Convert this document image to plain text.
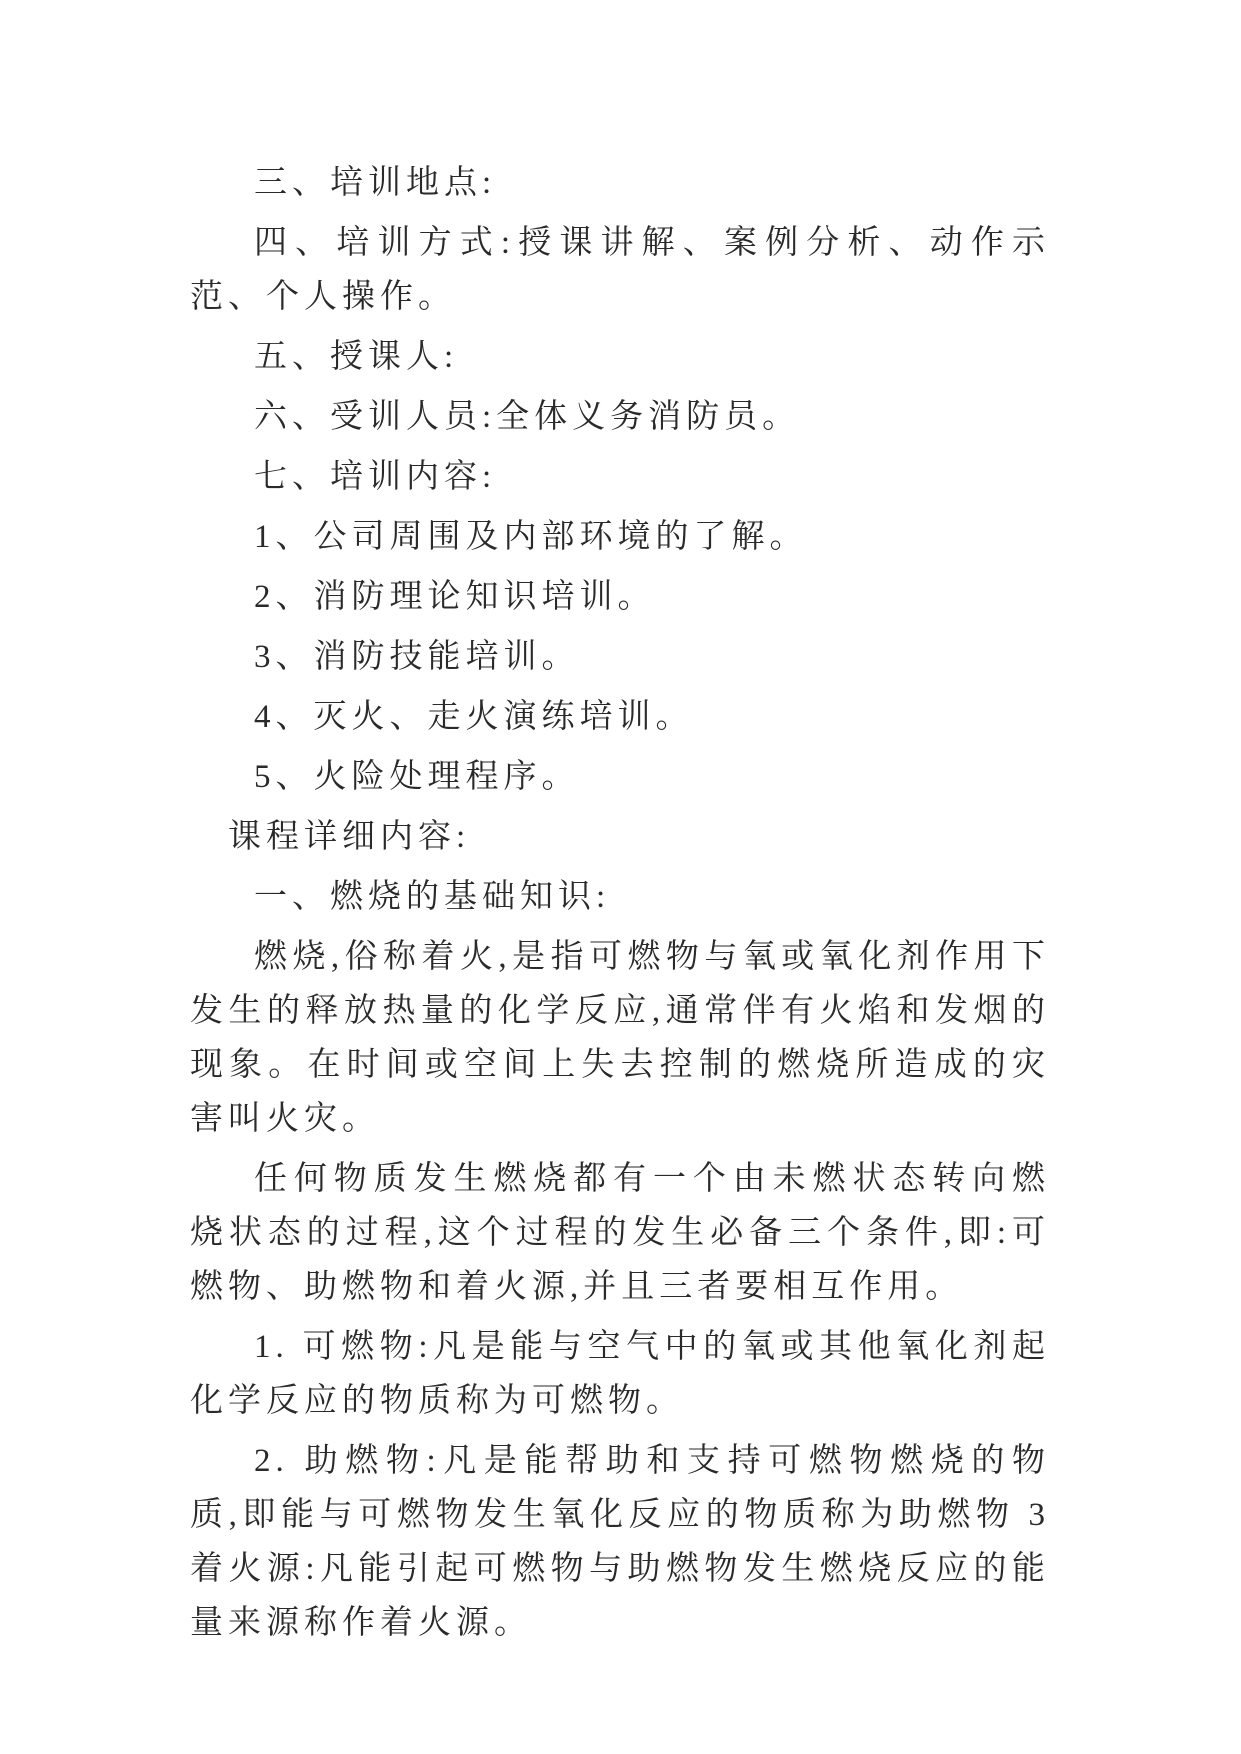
三、培训地点:

四、培训方式:授课讲解、案例分析、动作示范、个人操作。

五、授课人:

六、受训人员:全体义务消防员。

七、培训内容:

1、公司周围及内部环境的了解。

2、消防理论知识培训。

3、消防技能培训。

4、灭火、走火演练培训。

5、火险处理程序。

课程详细内容:

一、燃烧的基础知识:

燃烧,俗称着火,是指可燃物与氧或氧化剂作用下发生的释放热量的化学反应,通常伴有火焰和发烟的现象。在时间或空间上失去控制的燃烧所造成的灾害叫火灾。

任何物质发生燃烧都有一个由未燃状态转向燃烧状态的过程,这个过程的发生必备三个条件,即:可燃物、助燃物和着火源,并且三者要相互作用。

1. 可燃物:凡是能与空气中的氧或其他氧化剂起化学反应的物质称为可燃物。

2. 助燃物:凡是能帮助和支持可燃物燃烧的物质,即能与可燃物发生氧化反应的物质称为助燃物 3 着火源:凡能引起可燃物与助燃物发生燃烧反应的能量来源称作着火源。
